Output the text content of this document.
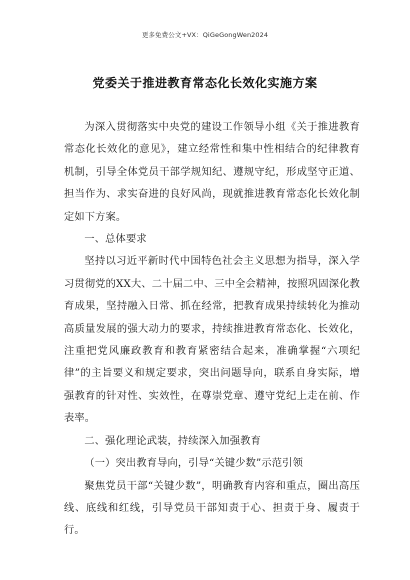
更多免费公文+VX：QiGeGongWen2024
党委关于推进教育常态化长效化实施方案

为深入贯彻落实中央党的建设工作领导小组《关于推进教育常态化长效化的意见》，建立经常性和集中性相结合的纪律教育机制，引导全体党员干部学规知纪、遵规守纪，形成坚守正道、担当作为、求实奋进的良好风尚，现就推进教育常态化长效化制定如下方案。

一、总体要求

坚持以习近平新时代中国特色社会主义思想为指导，深入学习贯彻党的XX大、二十届二中、三中全会精神，按照巩固深化教育成果，坚持融入日常、抓在经常，把教育成果持续转化为推动高质量发展的强大动力的要求，持续推进教育常态化、长效化，注重把党风廉政教育和教育紧密结合起来，准确掌握“六项纪律”的主旨要义和规定要求，突出问题导向，联系自身实际，增强教育的针对性、实效性，在尊崇党章、遵守党纪上走在前、作表率。

二、强化理论武装，持续深入加强教育

（一）突出教育导向，引导“关键少数”示范引领

聚焦党员干部“关键少数”，明确教育内容和重点，圈出高压线、底线和红线，引导党员干部知责于心、担责于身、履责于行。
